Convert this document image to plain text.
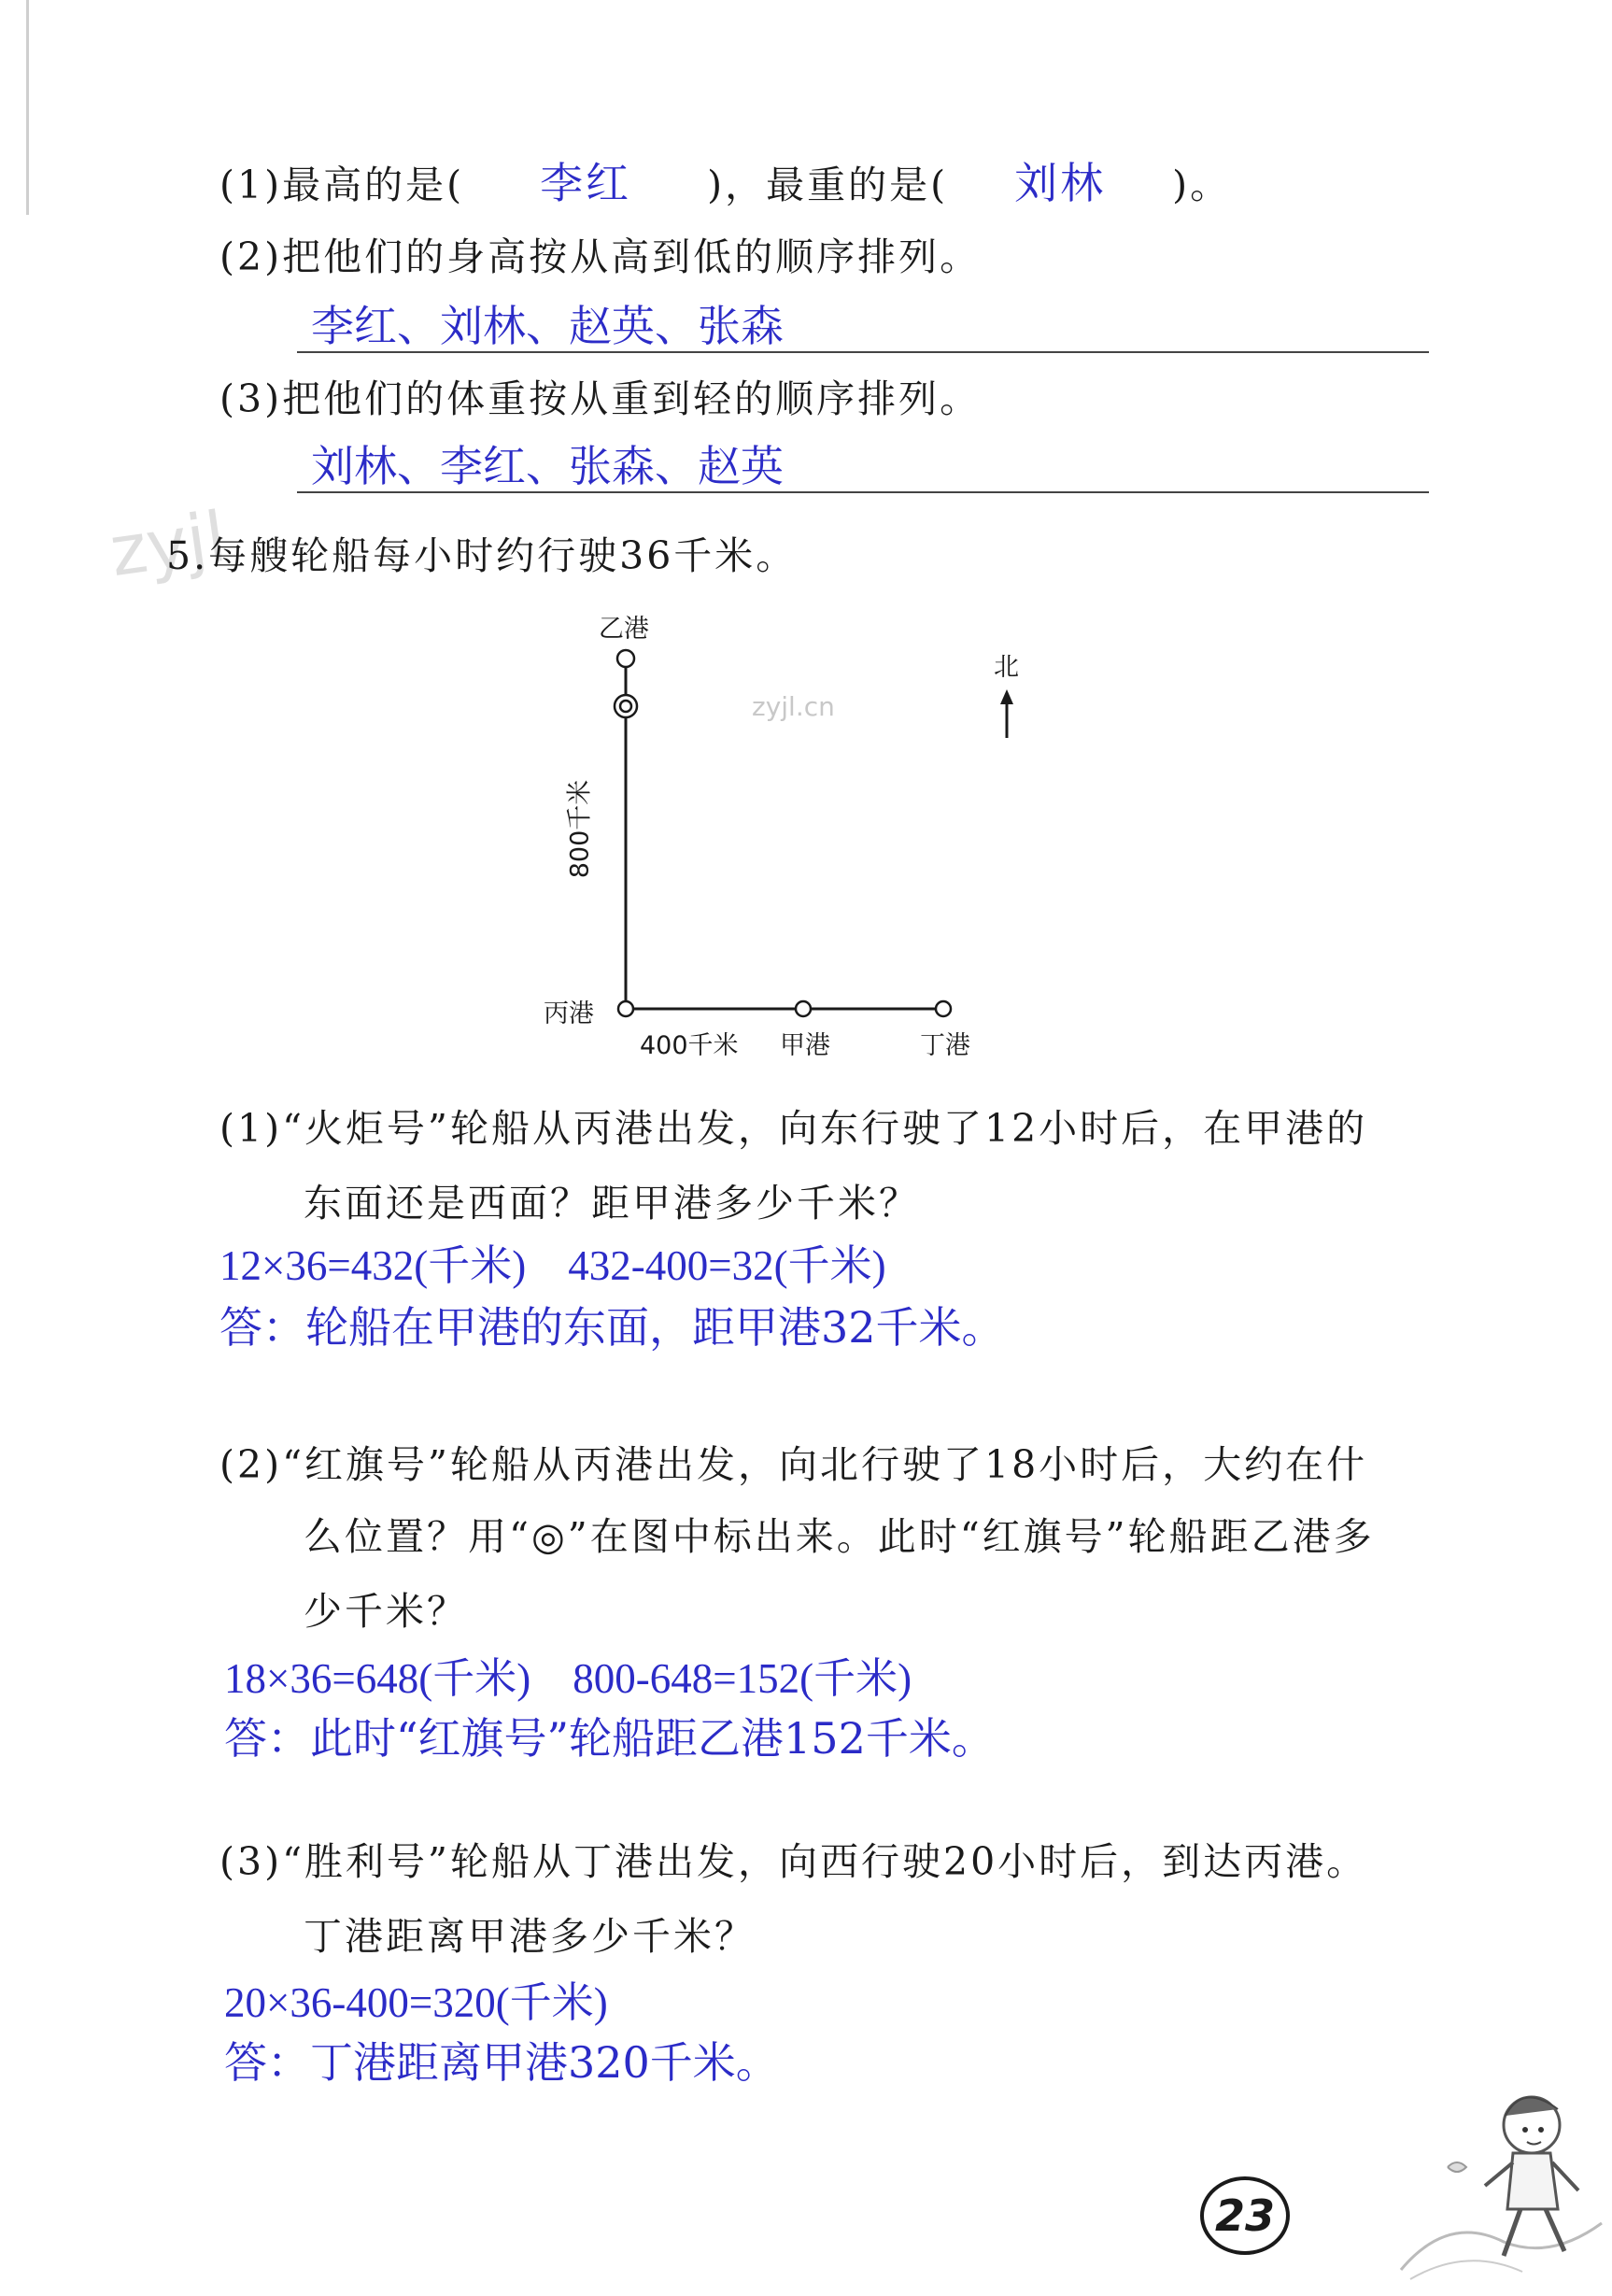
(1)最高的是( 李红 )，最重的是( 刘林 )。
(2)把他们的身高按从高到低的顺序排列。
李红、刘林、赵英、张森
(3)把他们的体重按从重到轻的顺序排列。
刘林、李红、张森、赵英
zyjl
zyjl.cn
5.每艘轮船每小时约行驶36千米。
乙港
丙港
400千米 甲港	丁港
北
800千米
(1)“火炬号”轮船从丙港出发，向东行驶了12小时后，在甲港的
东面还是西面？距甲港多少千米？
12×36=432(千米)    432-400=32(千米)
答：轮船在甲港的东面，距甲港32千米。
(2)“红旗号”轮船从丙港出发，向北行驶了18小时后，大约在什
么位置？用“◎”在图中标出来。此时“红旗号”轮船距乙港多
少千米？
18×36=648(千米)    800-648=152(千米)
答：此时“红旗号”轮船距乙港152千米。
(3)“胜利号”轮船从丁港出发，向西行驶20小时后，到达丙港。
丁港距离甲港多少千米？
20×36-400=320(千米)
答：丁港距离甲港320千米。
23
